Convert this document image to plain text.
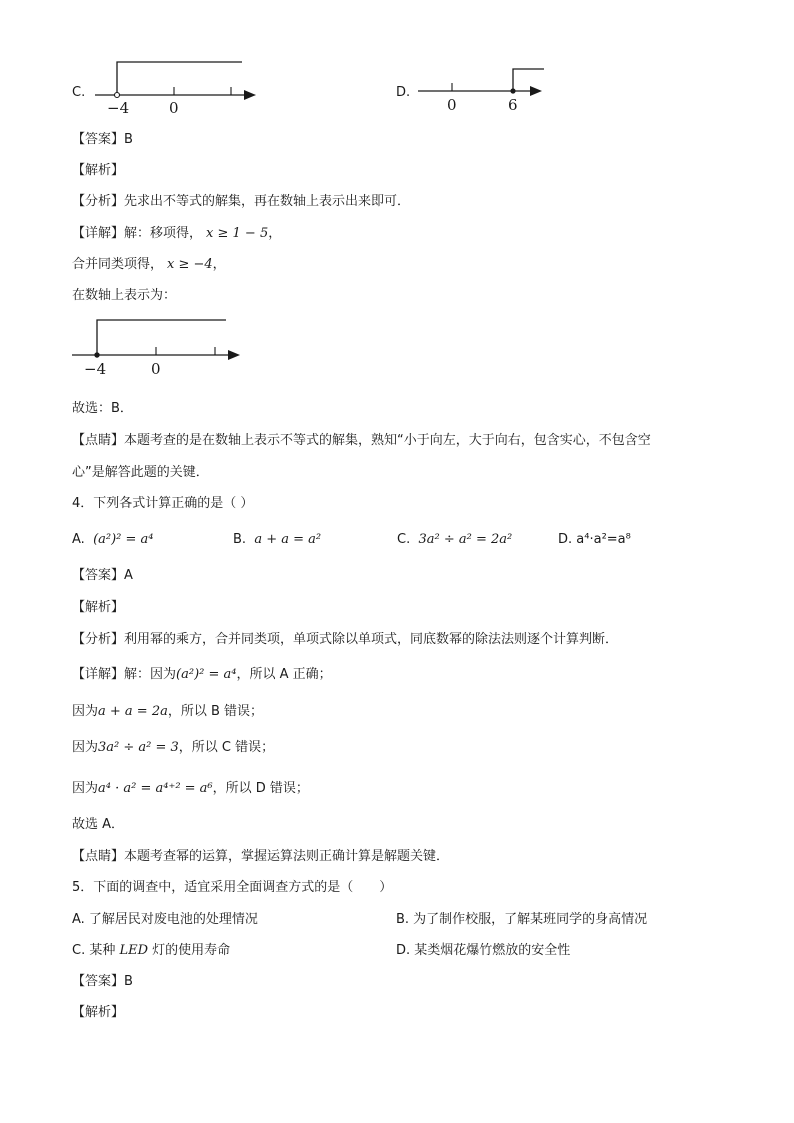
C.
−4	0
D.
0	6
【答案】B
【解析】
【分析】先求出不等式的解集，再在数轴上表示出来即可．
【详解】解：移项得， x ≥ 1 − 5，
合并同类项得， x ≥ −4，
在数轴上表示为：
−4	0
故选：B．
【点睛】本题考查的是在数轴上表示不等式的解集，熟知“小于向左，大于向右，包含实心，不包含空
心”是解答此题的关键．
4．下列各式计算正确的是（ ）
A. (a²)² = a⁴	B. a + a = a²	C. 3a² ÷ a² = 2a²	D. a⁴·a²=a⁸
【答案】A
【解析】
【分析】利用幂的乘方，合并同类项，单项式除以单项式，同底数幂的除法法则逐个计算判断．
【详解】解：因为(a²)² = a⁴，所以 A 正确；
因为a + a = 2a，所以 B 错误；
因为3a² ÷ a² = 3，所以 C 错误；
因为a⁴ · a² = a⁴⁺² = a⁶，所以 D 错误；
故选 A．
【点睛】本题考查幂的运算，掌握运算法则正确计算是解题关键．
5．下面的调查中，适宜采用全面调查方式的是（　　）
A. 了解居民对废电池的处理情况	B. 为了制作校服，了解某班同学的身高情况
C. 某种 LED 灯的使用寿命	D. 某类烟花爆竹燃放的安全性
【答案】B
【解析】
